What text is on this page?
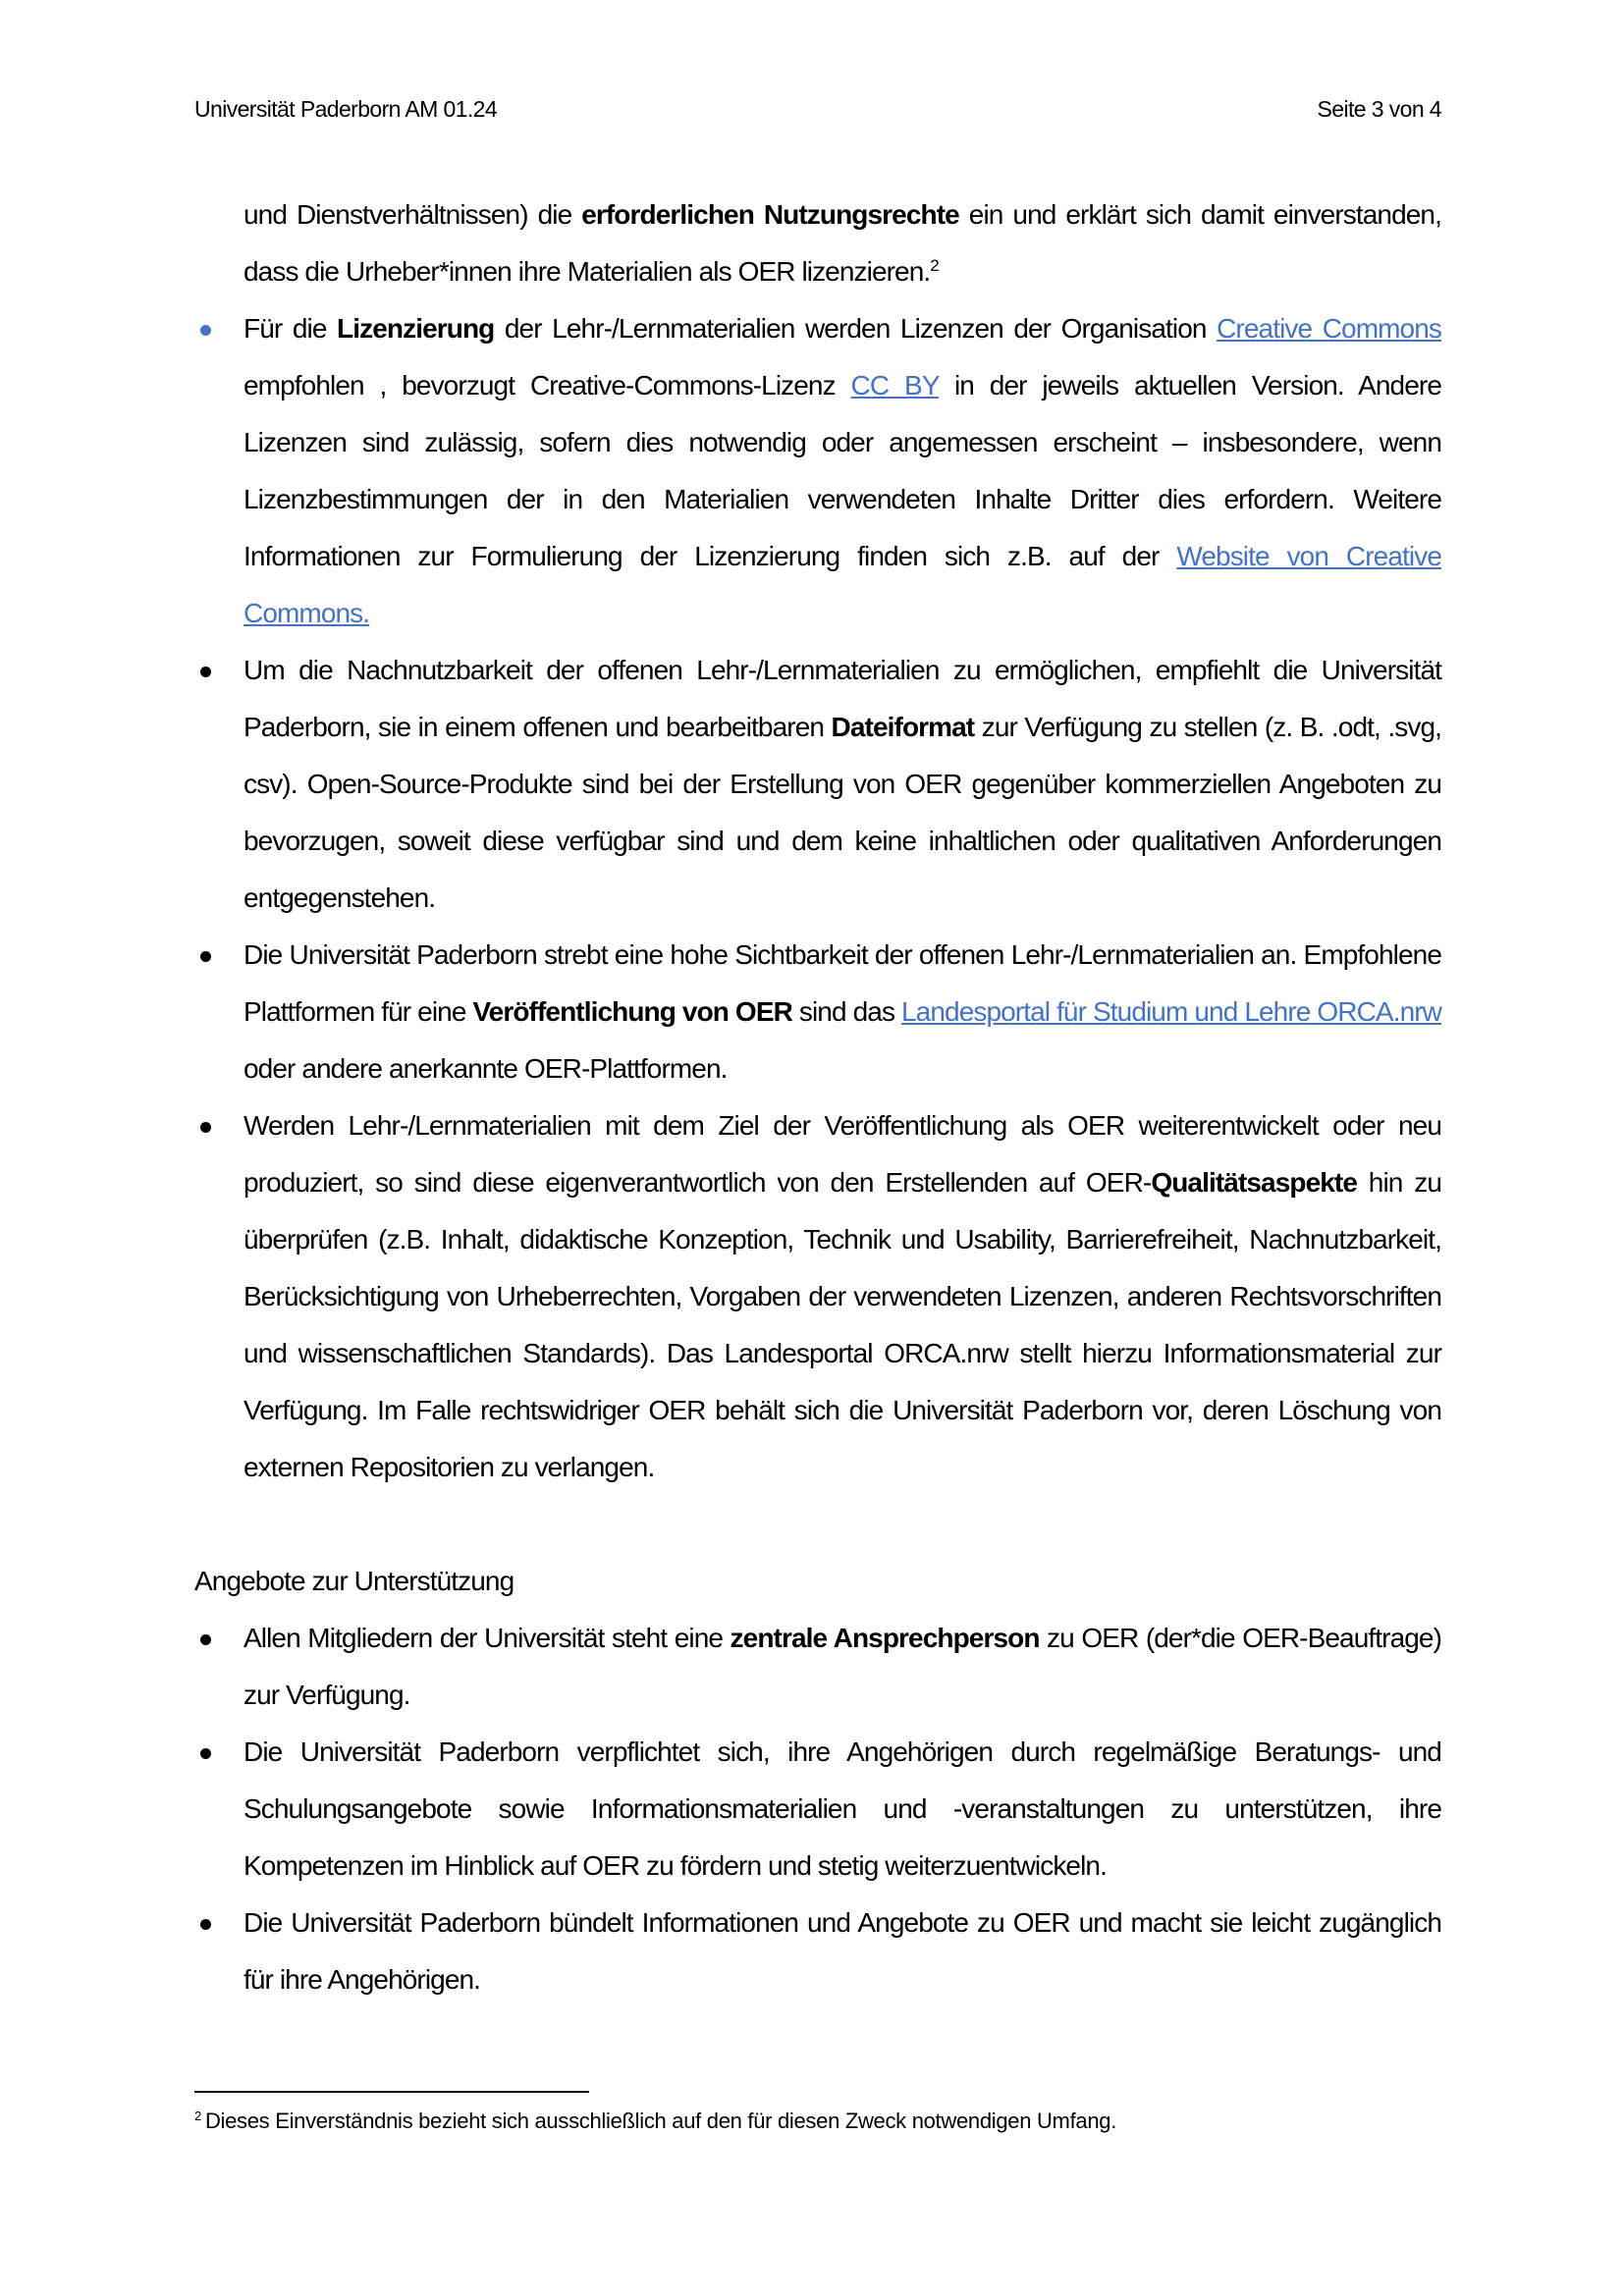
Universität Paderborn AM 01.24	Seite 3 von 4
und Dienstverhältnissen) die erforderlichen Nutzungsrechte ein und erklärt sich damit einverstanden, dass die Urheber*innen ihre Materialien als OER lizenzieren.$^2$
Für die Lizenzierung der Lehr-/Lernmaterialien werden Lizenzen der Organisation Creative Commons empfohlen , bevorzugt Creative-Commons-Lizenz CC BY in der jeweils aktuellen Version. Andere Lizenzen sind zulässig, sofern dies notwendig oder angemessen erscheint – insbesondere, wenn Lizenzbestimmungen der in den Materialien verwendeten Inhalte Dritter dies erfordern. Weitere Informationen zur Formulierung der Lizenzierung finden sich z.B. auf der Website von Creative Commons.
Um die Nachnutzbarkeit der offenen Lehr-/Lernmaterialien zu ermöglichen, empfiehlt die Universität Paderborn, sie in einem offenen und bearbeitbaren Dateiformat zur Verfügung zu stellen (z. B. .odt, .svg, csv). Open-Source-Produkte sind bei der Erstellung von OER gegenüber kommerziellen Angeboten zu bevorzugen, soweit diese verfügbar sind und dem keine inhaltlichen oder qualitativen Anforderungen entgegenstehen.
Die Universität Paderborn strebt eine hohe Sichtbarkeit der offenen Lehr-/Lernmaterialien an. Empfohlene Plattformen für eine Veröffentlichung von OER sind das Landesportal für Studium und Lehre ORCA.nrw oder andere anerkannte OER-Plattformen.
Werden Lehr-/Lernmaterialien mit dem Ziel der Veröffentlichung als OER weiterentwickelt oder neu produziert, so sind diese eigenverantwortlich von den Erstellenden auf OER-Qualitätsaspekte hin zu überprüfen (z.B. Inhalt, didaktische Konzeption, Technik und Usability, Barrierefreiheit, Nachnutzbarkeit, Berücksichtigung von Urheberrechten, Vorgaben der verwendeten Lizenzen, anderen Rechtsvorschriften und wissenschaftlichen Standards). Das Landesportal ORCA.nrw stellt hierzu Informationsmaterial zur Verfügung. Im Falle rechtswidriger OER behält sich die Universität Paderborn vor, deren Löschung von externen Repositorien zu verlangen.
Angebote zur Unterstützung
Allen Mitgliedern der Universität steht eine zentrale Ansprechperson zu OER (der*die OER-Beauftrage) zur Verfügung.
Die Universität Paderborn verpflichtet sich, ihre Angehörigen durch regelmäßige Beratungs- und Schulungsangebote sowie Informationsmaterialien und -veranstaltungen zu unterstützen, ihre Kompetenzen im Hinblick auf OER zu fördern und stetig weiterzuentwickeln.
Die Universität Paderborn bündelt Informationen und Angebote zu OER und macht sie leicht zugänglich für ihre Angehörigen.
$^2$ Dieses Einverständnis bezieht sich ausschließlich auf den für diesen Zweck notwendigen Umfang.
